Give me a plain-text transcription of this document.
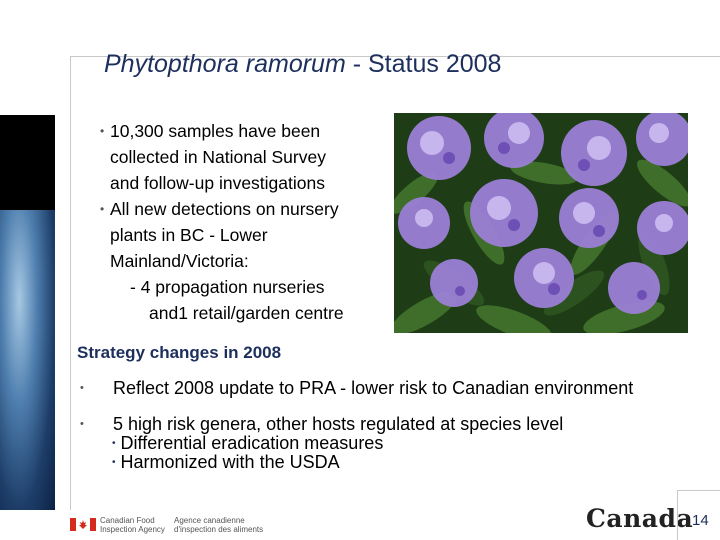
Phytopthora ramorum - Status 2008
• 10,300 samples have been
collected in National Survey
and follow-up investigations
• All new detections on nursery
plants in BC - Lower
Mainland/Victoria:
- 4 propagation nurseries
and1 retail/garden centre
Strategy changes in 2008
• Reflect 2008 update to PRA - lower risk to Canadian environment
• 5 high risk genera, other hosts regulated at species level
• Differential eradication measures
• Harmonized with the USDA
Canadian Food
Inspection Agency
Agence canadienne
d'inspection des aliments	Canada
14
